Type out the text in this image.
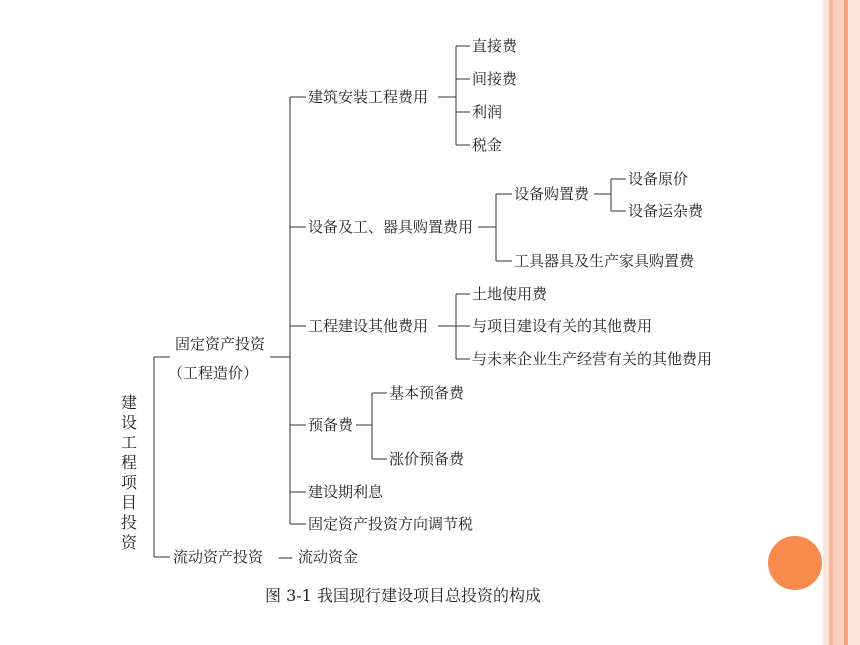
建设工程项目投资
固定资产投资
（工程造价）
流动资产投资 — 流动资金
建筑安装工程费用
直接费
间接费
利润
税金
设备及工、器具购置费用
设备购置费
设备原价
设备运杂费
工具器具及生产家具购置费
工程建设其他费用
土地使用费
与项目建设有关的其他费用
与未来企业生产经营有关的其他费用
预备费
基本预备费
涨价预备费
建设期利息
固定资产投资方向调节税
图 3-1 我国现行建设项目总投资的构成
